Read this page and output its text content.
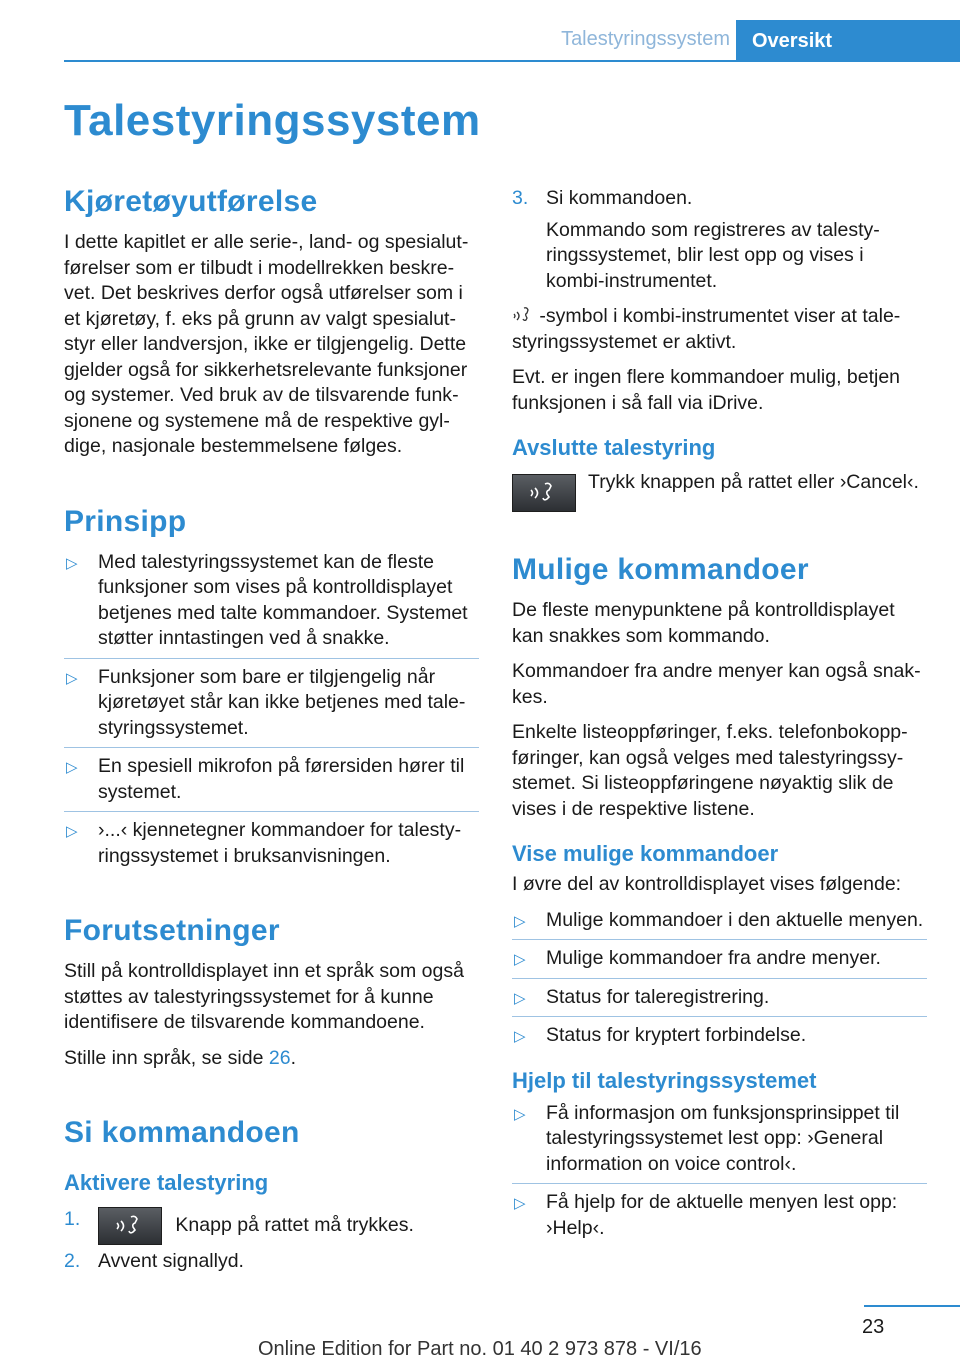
Talestyringssystem Oversikt
Talestyringssystem
Kjøretøyutførelse

I dette kapitlet er alle serie-, land- og spesialutførelser som er tilbudt i modellrekken beskrevet. Det beskrives derfor også utførelser som i et kjøretøy, f. eks på grunn av valgt spesialutstyr eller landversjon, ikke er tilgjengelig. Dette gjelder også for sikkerhetsrelevante funksjoner og systemer. Ved bruk av de tilsvarende funksjonene og systemene må de respektive gyldige, nasjonale bestemmelsene følges.

Prinsipp
▷ Med talestyringssystemet kan de fleste funksjoner som vises på kontrolldisplayet betjenes med talte kommandoer. Systemet støtter inntastingen ved å snakke.
▷ Funksjoner som bare er tilgjengelig når kjøretøyet står kan ikke betjenes med talestyringssystemet.
▷ En spesiell mikrofon på førersiden hører til systemet.
▷ ›...‹ kjennetegner kommandoer for talestyringssystemet i bruksanvisningen.
Forutsetninger

Still på kontrolldisplayet inn et språk som også støttes av talestyringssystemet for å kunne identifisere de tilsvarende kommandoene.

Stille inn språk, se side 26.

Si kommandoen
Aktivere talestyring
1.	Knapp på rattet må trykkes.
2. Avvent signallyd.
3. Si kommandoen.
Kommando som registreres av talestyringssystemet, blir lest opp og vises i kombi-instrumentet.

-symbol i kombi-instrumentet viser at talestyringssystemet er aktivt.

Evt. er ingen flere kommandoer mulig, betjen funksjonen i så fall via iDrive.

Avslutte talestyring
Trykk knappen på rattet eller ›Cancel‹.
Mulige kommandoer

De fleste menypunktene på kontrolldisplayet kan snakkes som kommando.

Kommandoer fra andre menyer kan også snakkes.

Enkelte listeoppføringer, f.eks. telefonbokoppføringer, kan også velges med talestyringssystemet. Si listeoppføringene nøyaktig slik de vises i de respektive listene.

Vise mulige kommandoer

I øvre del av kontrolldisplayet vises følgende:

▷ Mulige kommandoer i den aktuelle menyen.
▷ Mulige kommandoer fra andre menyer.
▷ Status for taleregistrering.
▷ Status for kryptert forbindelse.
Hjelp til talestyringssystemet
▷ Få informasjon om funksjonsprinsippet til talestyringssystemet lest opp: ›General information on voice control‹.
▷ Få hjelp for de aktuelle menyen lest opp: ›Help‹.
23
Online Edition for Part no. 01 40 2 973 878 - VI/16
